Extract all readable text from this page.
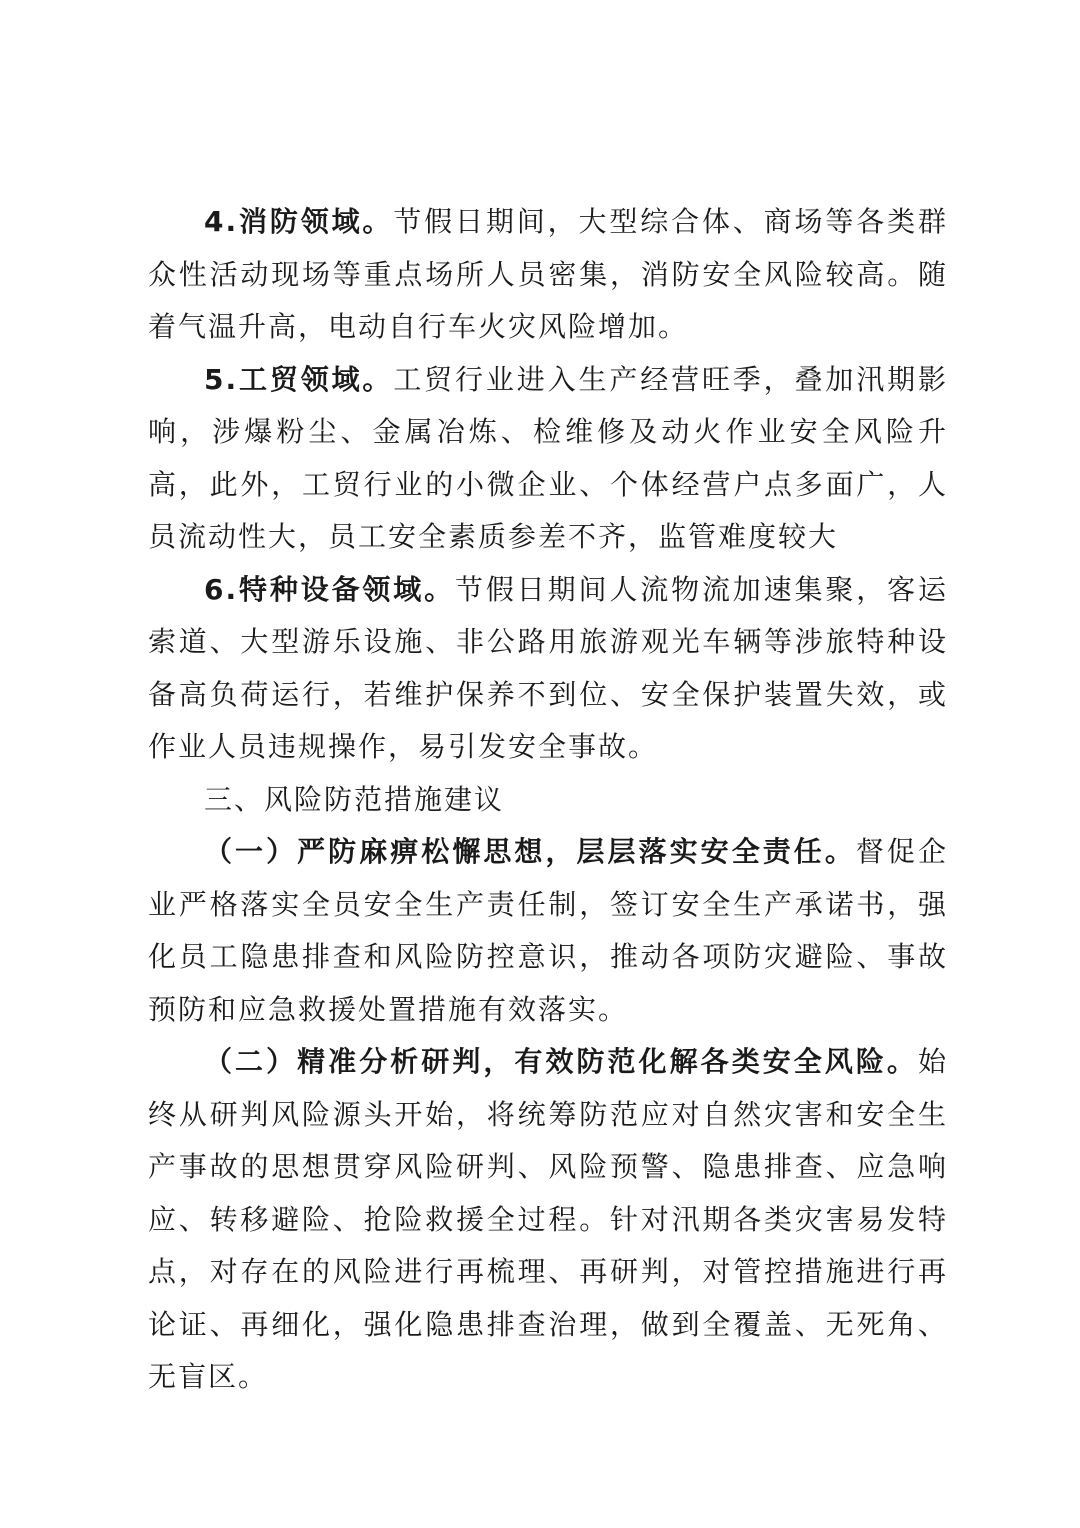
4.消防领域。节假日期间，大型综合体、商场等各类群众性活动现场等重点场所人员密集，消防安全风险较高。随着气温升高，电动自行车火灾风险增加。

5.工贸领域。工贸行业进入生产经营旺季，叠加汛期影响，涉爆粉尘、金属冶炼、检维修及动火作业安全风险升高，此外，工贸行业的小微企业、个体经营户点多面广，人员流动性大，员工安全素质参差不齐，监管难度较大

6.特种设备领域。节假日期间人流物流加速集聚，客运索道、大型游乐设施、非公路用旅游观光车辆等涉旅特种设备高负荷运行，若维护保养不到位、安全保护装置失效，或作业人员违规操作，易引发安全事故。

三、风险防范措施建议

（一）严防麻痹松懈思想，层层落实安全责任。督促企业严格落实全员安全生产责任制，签订安全生产承诺书，强化员工隐患排查和风险防控意识，推动各项防灾避险、事故预防和应急救援处置措施有效落实。

（二）精准分析研判，有效防范化解各类安全风险。始终从研判风险源头开始，将统筹防范应对自然灾害和安全生产事故的思想贯穿风险研判、风险预警、隐患排查、应急响应、转移避险、抢险救援全过程。针对汛期各类灾害易发特点，对存在的风险进行再梳理、再研判，对管控措施进行再论证、再细化，强化隐患排查治理，做到全覆盖、无死角、无盲区。
